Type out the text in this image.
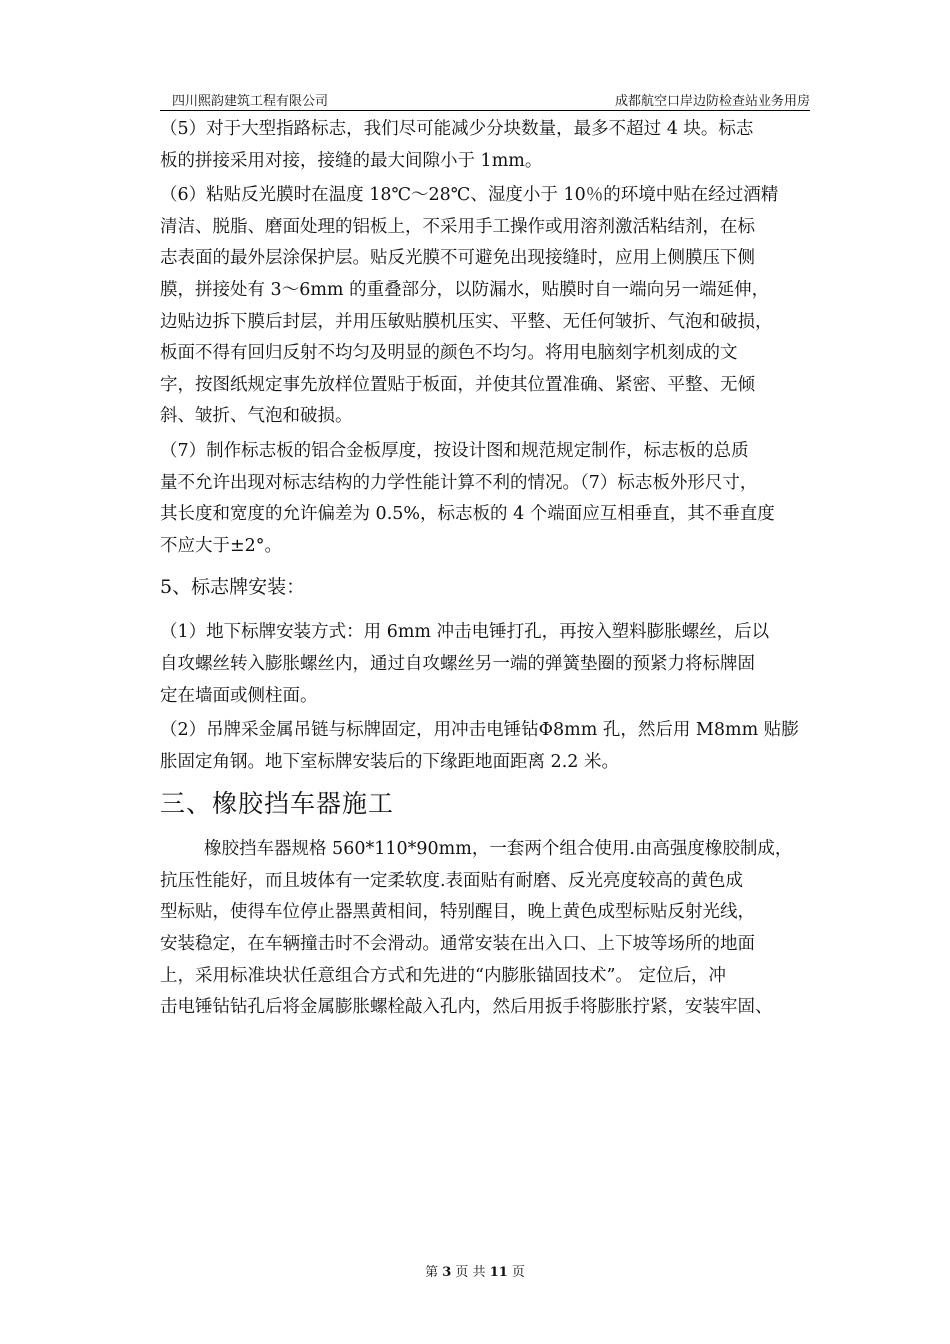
四川熙韵建筑工程有限公司	成都航空口岸边防检查站业务用房
（5）对于大型指路标志，我们尽可能减少分块数量，最多不超过 4 块。标志
板的拼接采用对接，接缝的最大间隙小于 1mm。
（6）粘贴反光膜时在温度 18℃～28℃、湿度小于 10％的环境中贴在经过酒精
清洁、脱脂、磨面处理的铝板上，不采用手工操作或用溶剂激活粘结剂，在标
志表面的最外层涂保护层。贴反光膜不可避免出现接缝时，应用上侧膜压下侧
膜，拼接处有 3～6mm 的重叠部分，以防漏水，贴膜时自一端向另一端延伸，
边贴边拆下膜后封层，并用压敏贴膜机压实、平整、无任何皱折、气泡和破损，
板面不得有回归反射不均匀及明显的颜色不均匀。将用电脑刻字机刻成的文
字，按图纸规定事先放样位置贴于板面，并使其位置准确、紧密、平整、无倾
斜、皱折、气泡和破损。
（7）制作标志板的铝合金板厚度，按设计图和规范规定制作，标志板的总质
量不允许出现对标志结构的力学性能计算不利的情况。（7）标志板外形尺寸，
其长度和宽度的允许偏差为 0.5%，标志板的 4 个端面应互相垂直，其不垂直度
不应大于±2°。
5、标志牌安装：
（1）地下标牌安装方式：用 6mm 冲击电锤打孔，再按入塑料膨胀螺丝，后以
自攻螺丝转入膨胀螺丝内，通过自攻螺丝另一端的弹簧垫圈的预紧力将标牌固
定在墙面或侧柱面。
（2）吊牌采金属吊链与标牌固定，用冲击电锤钻Φ8mm 孔，然后用 M8mm 贴膨
胀固定角钢。地下室标牌安装后的下缘距地面距离 2.2 米。
三、橡胶挡车器施工
橡胶挡车器规格 560*110*90mm，一套两个组合使用.由高强度橡胶制成，
抗压性能好，而且坡体有一定柔软度.表面贴有耐磨、反光亮度较高的黄色成
型标贴，使得车位停止器黑黄相间，特别醒目，晚上黄色成型标贴反射光线，
安装稳定，在车辆撞击时不会滑动。通常安装在出入口、上下坡等场所的地面
上，采用标准块状任意组合方式和先进的“内膨胀锚固技术”。 定位后，冲
击电锤钻钻孔后将金属膨胀螺栓敲入孔内，然后用扳手将膨胀拧紧，安装牢固、
第 3 页 共 11 页
